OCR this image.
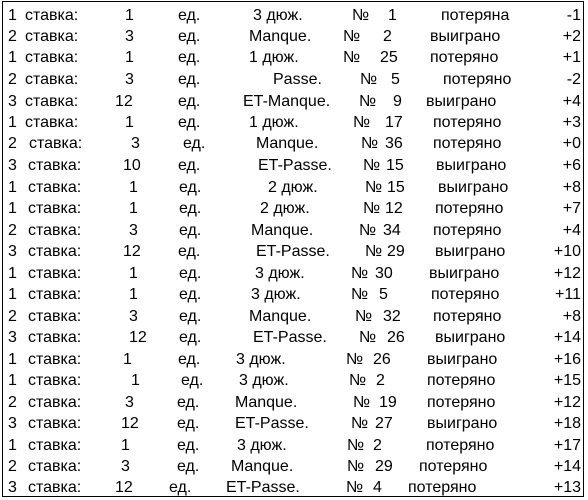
1 ставка:	1	ед.	3 дюж.	№ 1	потеряна	-1
2 ставка:	3	ед.	Manque. № 2 выиграно	+2
1 ставка:	1	ед.	1 дюж.	№ 25 потеряно	+1
2 ставка:	3	ед.	Passe. № 5	потеряно	-2
3 ставка: 12	ед.	ET-Manque. № 9 выиграно	+4
1 ставка:	1	ед.	1 дюж.	№ 17 потеряно	+3
2 ставка:	3	ед.	Manque.	№ 36 потеряно	+0
3 ставка:	10 ед.	ET-Passe. № 15 выиграно	+6
1 ставка:	1	ед.	2 дюж.	№ 15 выиграно	+8
1 ставка:	1	ед.	2 дюж.	№ 12 потеряно	+7
2 ставка:	3	ед.	Manque.	№ 34 потеряно	+4
3 ставка:	12 ед.	ET-Passe. № 29 выиграно	+10
1 ставка:	1	ед.	3 дюж.	№ 30 выиграно	+12
1 ставка:	1	ед.	3 дюж.	№ 5	потеряно	+11
2 ставка:	3	ед.	Manque.	№ 32 потеряно	+8
3 ставка:	12 ед.	ET-Passe. № 26 выиграно	+14
1 ставка:	1	ед. 3 дюж.	№ 26 выиграно	+16
1 ставка:	1	ед. 3 дюж.	№ 2	потеряно	+15
2 ставка:	3	ед. Manque.	№ 19 потеряно	+12
3 ставка: 12 ед. ET-Passe.	№ 27 выиграно	+18
1 ставка: 1	ед. 3 дюж.	№ 2	потеряно	+17
2 ставка: 3	ед. Manque.	№ 29 потеряно	+14
3 ставка: 12 ед. ET-Passe.	№ 4 потеряно	+13
